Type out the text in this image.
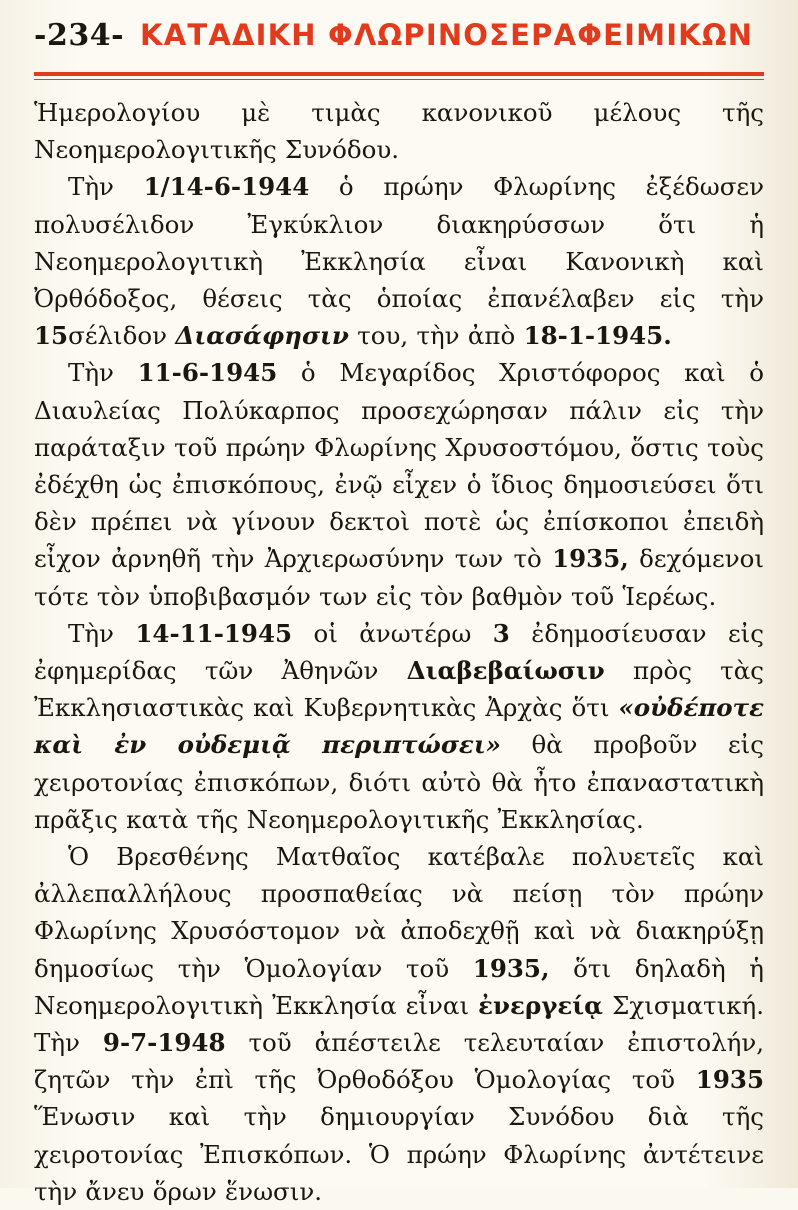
-234- ΚΑΤΑΔΙΚΗ ΦΛΩΡΙΝΟΣΕΡΑΦΕΙΜΙΚΩΝ

Ἡμερολογίου μὲ τιμὰς κανονικοῦ μέλους τῆς Νεοημερολογιτικῆς Συνόδου.

Τὴν 1/14-6-1944 ὁ πρώην Φλωρίνης ἐξέδωσεν πολυσέλιδον Ἐγκύκλιον διακηρύσσων ὅτι ἡ Νεοημερολογιτικὴ Ἐκκλησία εἶναι Κανονικὴ καὶ Ὀρθόδοξος, θέσεις τὰς ὁποίας ἐπανέλαβεν εἰς τὴν 15σέλιδον Διασάφησιν του, τὴν ἀπὸ 18-1-1945.

Τὴν 11-6-1945 ὁ Μεγαρίδος Χριστόφορος καὶ ὁ Διαυλείας Πολύκαρπος προσεχώρησαν πάλιν εἰς τὴν παράταξιν τοῦ πρώην Φλωρίνης Χρυσοστόμου, ὅστις τοὺς ἐδέχθη ὡς ἐπισκόπους, ἐνῷ εἶχεν ὁ ἴδιος δημοσιεύσει ὅτι δὲν πρέπει νὰ γίνουν δεκτοὶ ποτὲ ὡς ἐπίσκοποι ἐπειδὴ εἶχον ἀρνηθῆ τὴν Ἀρχιερωσύνην των τὸ 1935, δεχόμενοι τότε τὸν ὑποβιβασμόν των εἰς τὸν βαθμὸν τοῦ Ἱερέως.

Τὴν 14-11-1945 οἱ ἀνωτέρω 3 ἐδημοσίευσαν εἰς ἐφημερίδας τῶν Ἀθηνῶν Διαβεβαίωσιν πρὸς τὰς Ἐκκλησιαστικὰς καὶ Κυβερνητικὰς Ἀρχὰς ὅτι «οὐδέποτε καὶ ἐν οὐδεμιᾷ περιπτώσει» θὰ προβοῦν εἰς χειροτονίας ἐπισκόπων, διότι αὐτὸ θὰ ἦτο ἐπαναστατικὴ πρᾶξις κατὰ τῆς Νεοημερολογιτικῆς Ἐκκλησίας.

Ὁ Βρεσθένης Ματθαῖος κατέβαλε πολυετεῖς καὶ ἀλλεπαλλήλους προσπαθείας νὰ πείσῃ τὸν πρώην Φλωρίνης Χρυσόστομον νὰ ἀποδεχθῇ καὶ νὰ διακηρύξῃ δημοσίως τὴν Ὁμολογίαν τοῦ 1935, ὅτι δηλαδὴ ἡ Νεοημερολογιτικὴ Ἐκκλησία εἶναι ἐνεργείᾳ Σχισματική. Τὴν 9-7-1948 τοῦ ἀπέστειλε τελευταίαν ἐπιστολήν, ζητῶν τὴν ἐπὶ τῆς Ὀρθοδόξου Ὁμολογίας τοῦ 1935 Ἕνωσιν καὶ τὴν δημιουργίαν Συνόδου διὰ τῆς χειροτονίας Ἐπισκόπων. Ὁ πρώην Φλωρίνης ἀντέτεινε τὴν ἄνευ ὅρων ἕνωσιν.
